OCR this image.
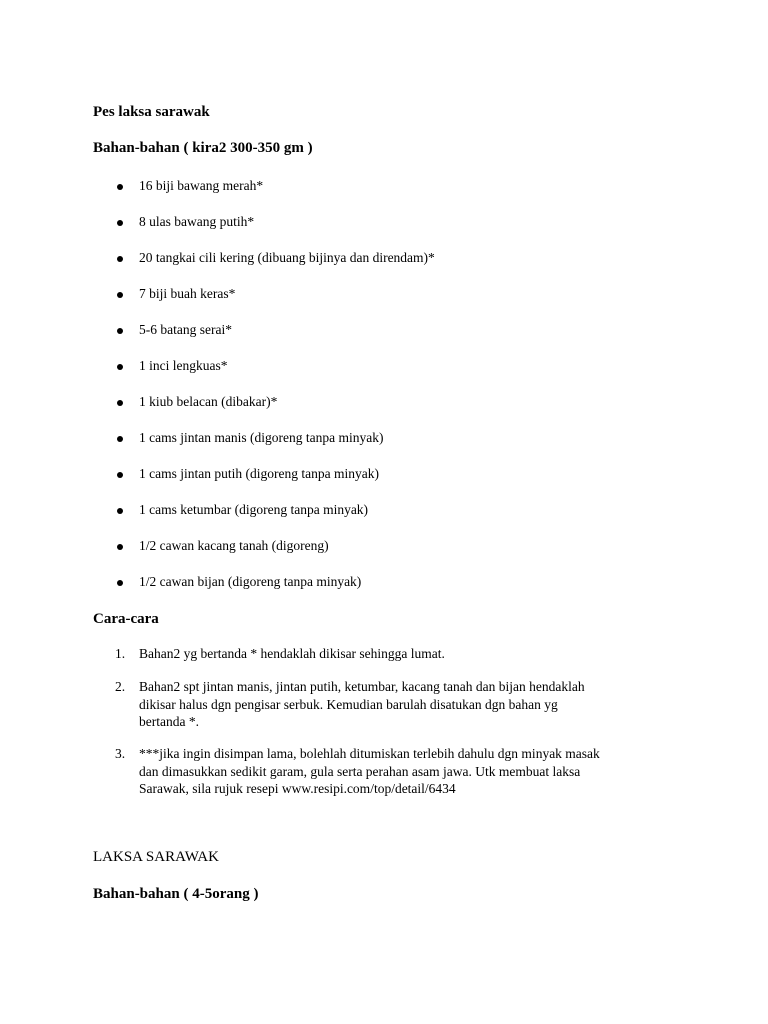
Pes laksa sarawak
Bahan-bahan ( kira2 300-350 gm )
16 biji bawang merah*
8 ulas bawang putih*
20 tangkai cili kering (dibuang bijinya dan direndam)*
7 biji buah keras*
5-6 batang serai*
1 inci lengkuas*
1 kiub belacan (dibakar)*
1 cams jintan manis (digoreng tanpa minyak)
1 cams jintan putih (digoreng tanpa minyak)
1 cams ketumbar (digoreng tanpa minyak)
1/2 cawan kacang tanah (digoreng)
1/2 cawan bijan (digoreng tanpa minyak)
Cara-cara
1. Bahan2 yg bertanda * hendaklah dikisar sehingga lumat.
2. Bahan2 spt jintan manis, jintan putih, ketumbar, kacang tanah dan bijan hendaklah
dikisar halus dgn pengisar serbuk. Kemudian barulah disatukan dgn bahan yg
bertanda *.
3. ***jika ingin disimpan lama, bolehlah ditumiskan terlebih dahulu dgn minyak masak
dan dimasukkan sedikit garam, gula serta perahan asam jawa. Utk membuat laksa
Sarawak, sila rujuk resepi www.resipi.com/top/detail/6434
LAKSA SARAWAK
Bahan-bahan ( 4-5orang )
